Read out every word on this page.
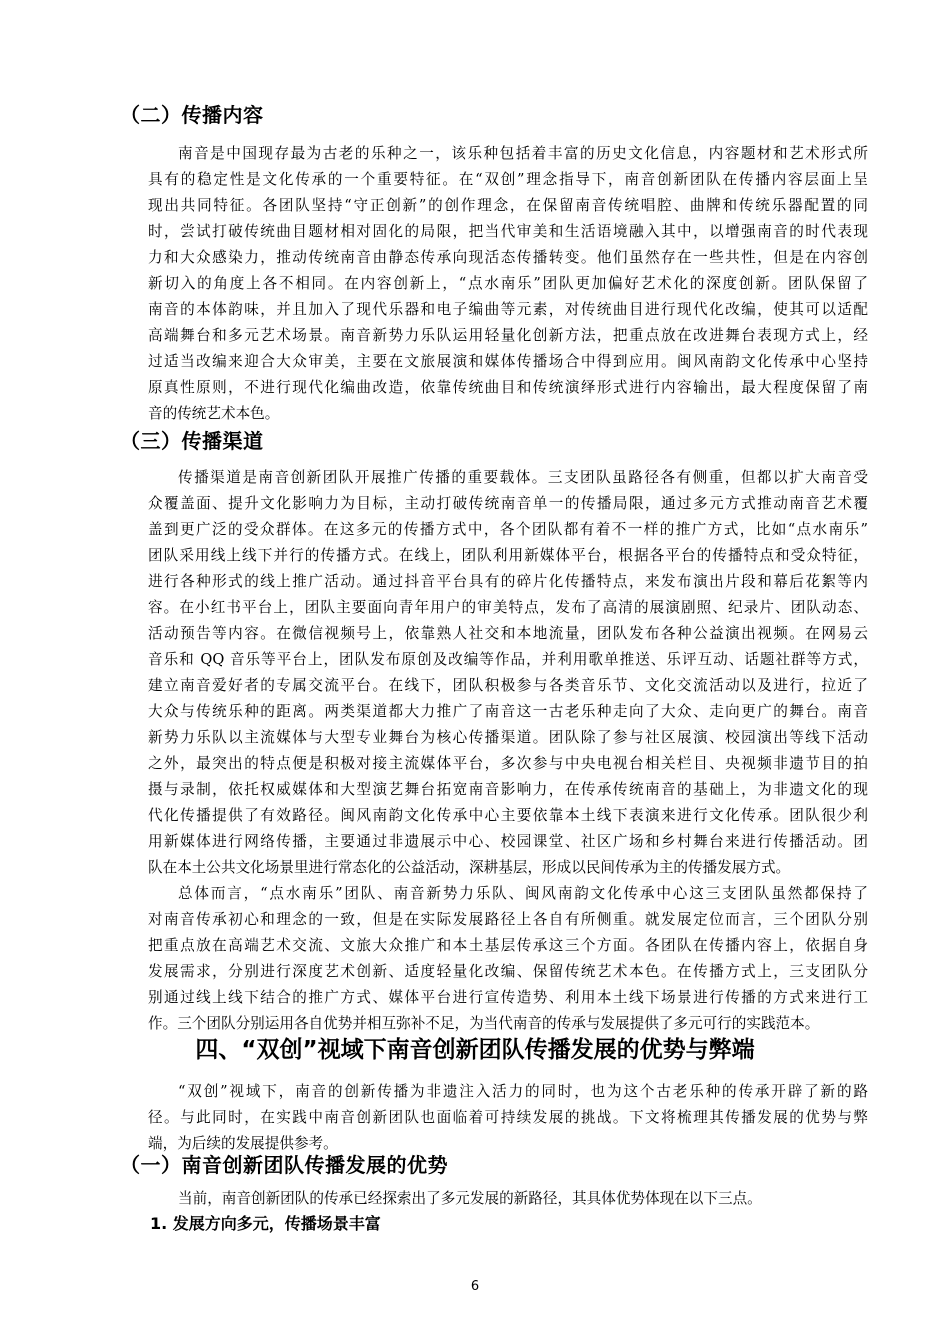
（二）传播内容
南音是中国现存最为古老的乐种之一，该乐种包括着丰富的历史文化信息，内容题材和艺术形式所
具有的稳定性是文化传承的一个重要特征。在“双创”理念指导下，南音创新团队在传播内容层面上呈
现出共同特征。各团队坚持“守正创新”的创作理念，在保留南音传统唱腔、曲牌和传统乐器配置的同
时，尝试打破传统曲目题材相对固化的局限，把当代审美和生活语境融入其中，以增强南音的时代表现
力和大众感染力，推动传统南音由静态传承向现活态传播转变。他们虽然存在一些共性，但是在内容创
新切入的角度上各不相同。在内容创新上，“点水南乐”团队更加偏好艺术化的深度创新。团队保留了
南音的本体韵味，并且加入了现代乐器和电子编曲等元素，对传统曲目进行现代化改编，使其可以适配
高端舞台和多元艺术场景。南音新势力乐队运用轻量化创新方法，把重点放在改进舞台表现方式上，经
过适当改编来迎合大众审美，主要在文旅展演和媒体传播场合中得到应用。闽风南韵文化传承中心坚持
原真性原则，不进行现代化编曲改造，依靠传统曲目和传统演绎形式进行内容输出，最大程度保留了南
音的传统艺术本色。
（三）传播渠道
传播渠道是南音创新团队开展推广传播的重要载体。三支团队虽路径各有侧重，但都以扩大南音受
众覆盖面、提升文化影响力为目标，主动打破传统南音单一的传播局限，通过多元方式推动南音艺术覆
盖到更广泛的受众群体。在这多元的传播方式中，各个团队都有着不一样的推广方式，比如“点水南乐”
团队采用线上线下并行的传播方式。在线上，团队利用新媒体平台，根据各平台的传播特点和受众特征，
进行各种形式的线上推广活动。通过抖音平台具有的碎片化传播特点，来发布演出片段和幕后花絮等内
容。在小红书平台上，团队主要面向青年用户的审美特点，发布了高清的展演剧照、纪录片、团队动态、
活动预告等内容。在微信视频号上，依靠熟人社交和本地流量，团队发布各种公益演出视频。在网易云
音乐和 QQ 音乐等平台上，团队发布原创及改编等作品，并利用歌单推送、乐评互动、话题社群等方式，
建立南音爱好者的专属交流平台。在线下，团队积极参与各类音乐节、文化交流活动以及进行，拉近了
大众与传统乐种的距离。两类渠道都大力推广了南音这一古老乐种走向了大众、走向更广的舞台。南音
新势力乐队以主流媒体与大型专业舞台为核心传播渠道。团队除了参与社区展演、校园演出等线下活动
之外，最突出的特点便是积极对接主流媒体平台，多次参与中央电视台相关栏目、央视频非遗节目的拍
摄与录制，依托权威媒体和大型演艺舞台拓宽南音影响力，在传承传统南音的基础上，为非遗文化的现
代化传播提供了有效路径。闽风南韵文化传承中心主要依靠本土线下表演来进行文化传承。团队很少利
用新媒体进行网络传播，主要通过非遗展示中心、校园课堂、社区广场和乡村舞台来进行传播活动。团
队在本土公共文化场景里进行常态化的公益活动，深耕基层，形成以民间传承为主的传播发展方式。
总体而言，“点水南乐”团队、南音新势力乐队、闽风南韵文化传承中心这三支团队虽然都保持了
对南音传承初心和理念的一致，但是在实际发展路径上各自有所侧重。就发展定位而言，三个团队分别
把重点放在高端艺术交流、文旅大众推广和本土基层传承这三个方面。各团队在传播内容上，依据自身
发展需求，分别进行深度艺术创新、适度轻量化改编、保留传统艺术本色。在传播方式上，三支团队分
别通过线上线下结合的推广方式、媒体平台进行宣传造势、利用本土线下场景进行传播的方式来进行工
作。三个团队分别运用各自优势并相互弥补不足，为当代南音的传承与发展提供了多元可行的实践范本。
四、“双创”视域下南音创新团队传播发展的优势与弊端
“双创”视域下，南音的创新传播为非遗注入活力的同时，也为这个古老乐种的传承开辟了新的路
径。与此同时，在实践中南音创新团队也面临着可持续发展的挑战。下文将梳理其传播发展的优势与弊
端，为后续的发展提供参考。
（一）南音创新团队传播发展的优势
当前，南音创新团队的传承已经探索出了多元发展的新路径，其具体优势体现在以下三点。
1. 发展方向多元，传播场景丰富
6
